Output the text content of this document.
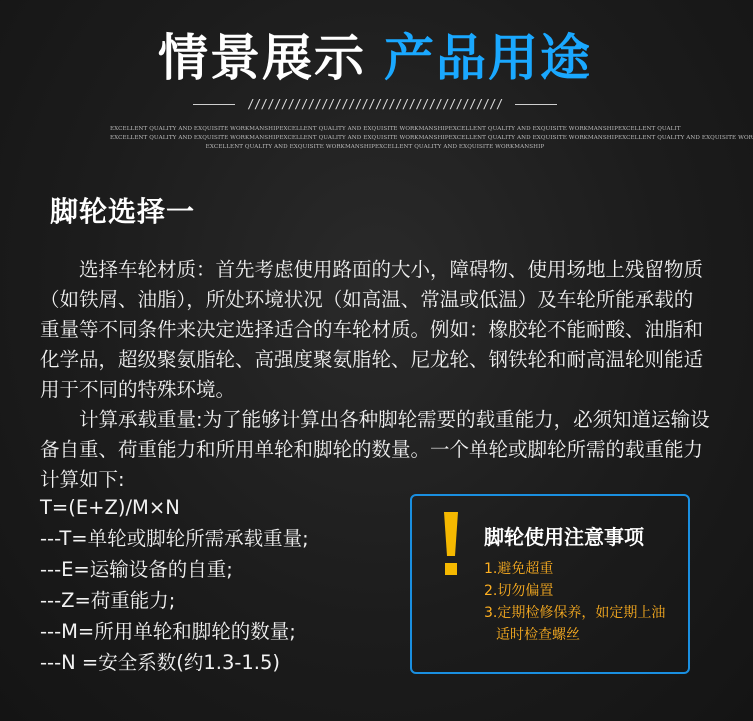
情景展示 产品用途
//////////////////////////////////////
EXCELLENT QUALITY AND EXQUISITE WORKMANSHIPEXCELLENT QUALITY AND EXQUISITE WORKMANSHIPEXCELLENT QUALITY AND EXQUISITE WORKMANSHIPEXCELLENT QUALIT
EXCELLENT QUALITY AND EXQUISITE WORKMANSHIPEXCELLENT QUALITY AND EXQUISITE WORKMANSHIPEXCELLENT QUALITY AND EXQUISITE WORKMANSHIPEXCELLENT QUALITY AND EXQUISITE WOR
EXCELLENT QUALITY AND EXQUISITE WORKMANSHIPEXCELLENT QUALITY AND EXQUISITE WORKMANSHIP
脚轮选择一
　　选择车轮材质：首先考虑使用路面的大小，障碍物、使用场地上残留物质（如铁屑、油脂），所处环境状况（如高温、常温或低温）及车轮所能承载的重量等不同条件来决定选择适合的车轮材质。例如：橡胶轮不能耐酸、油脂和化学品，超级聚氨脂轮、高强度聚氨脂轮、尼龙轮、钢铁轮和耐高温轮则能适用于不同的特殊环境。
　　计算承载重量:为了能够计算出各种脚轮需要的载重能力，必须知道运输设备自重、荷重能力和所用单轮和脚轮的数量。一个单轮或脚轮所需的载重能力计算如下:
T=(E+Z)/M×N
---T=单轮或脚轮所需承载重量;
---E=运输设备的自重;
---Z=荷重能力;
---M=所用单轮和脚轮的数量;
---N =安全系数(约1.3-1.5)
脚轮使用注意事项
1.避免超重
2.切勿偏置
3.定期检修保养，如定期上油
适时检查螺丝
